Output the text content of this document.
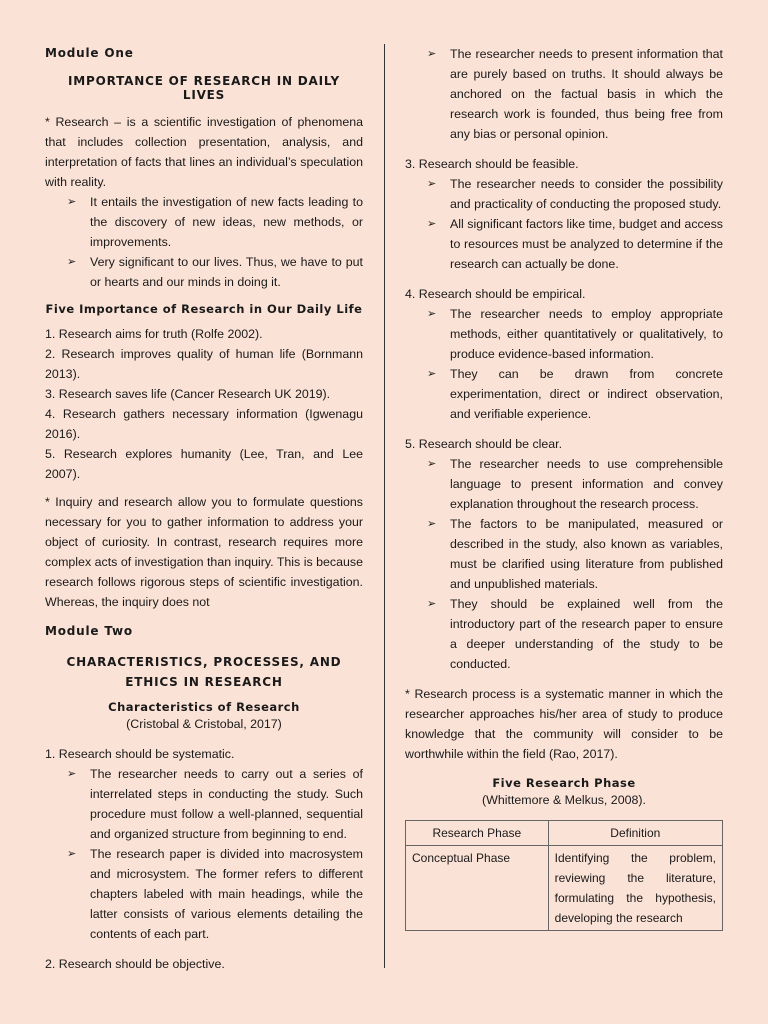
Module One
IMPORTANCE OF RESEARCH IN DAILY LIVES

* Research – is a scientific investigation of phenomena that includes collection presentation, analysis, and interpretation of facts that lines an individual’s speculation with reality.

➢ It entails the investigation of new facts leading to the discovery of new ideas, new methods, or improvements.
➢ Very significant to our lives. Thus, we have to put or hearts and our minds in doing it.
Five Importance of Research in Our Daily Life

1. Research aims for truth (Rolfe 2002).

2. Research improves quality of human life (Bornmann 2013).

3. Research saves life (Cancer Research UK 2019).

4. Research gathers necessary information (Igwenagu 2016).

5. Research explores humanity (Lee, Tran, and Lee 2007).

* Inquiry and research allow you to formulate questions necessary for you to gather information to address your object of curiosity. In contrast, research requires more complex acts of investigation than inquiry. This is because research follows rigorous steps of scientific investigation. Whereas, the inquiry does not

Module Two
CHARACTERISTICS, PROCESSES, AND ETHICS IN RESEARCH
Characteristics of Research
(Cristobal & Cristobal, 2017)
1. Research should be systematic.
➢ The researcher needs to carry out a series of interrelated steps in conducting the study. Such procedure must follow a well-planned, sequential and organized structure from beginning to end.
➢ The research paper is divided into macrosystem and microsystem. The former refers to different chapters labeled with main headings, while the latter consists of various elements detailing the contents of each part.
2. Research should be objective.
➢ The researcher needs to present information that are purely based on truths. It should always be anchored on the factual basis in which the research work is founded, thus being free from any bias or personal opinion.
3. Research should be feasible.
➢ The researcher needs to consider the possibility and practicality of conducting the proposed study.
➢ All significant factors like time, budget and access to resources must be analyzed to determine if the research can actually be done.
4. Research should be empirical.
➢ The researcher needs to employ appropriate methods, either quantitatively or qualitatively, to produce evidence-based information.
➢ They can be drawn from concrete experimentation, direct or indirect observation, and verifiable experience.
5. Research should be clear.
➢ The researcher needs to use comprehensible language to present information and convey explanation throughout the research process.
➢ The factors to be manipulated, measured or described in the study, also known as variables, must be clarified using literature from published and unpublished materials.
➢ They should be explained well from the introductory part of the research paper to ensure a deeper understanding of the study to be conducted.

* Research process is a systematic manner in which the researcher approaches his/her area of study to produce knowledge that the community will consider to be worthwhile within the field (Rao, 2017).

Five Research Phase
(Whittemore & Melkus, 2008).
Research Phase	Definition
Conceptual Phase	Identifying the problem, reviewing the literature, formulating the hypothesis, developing the research
